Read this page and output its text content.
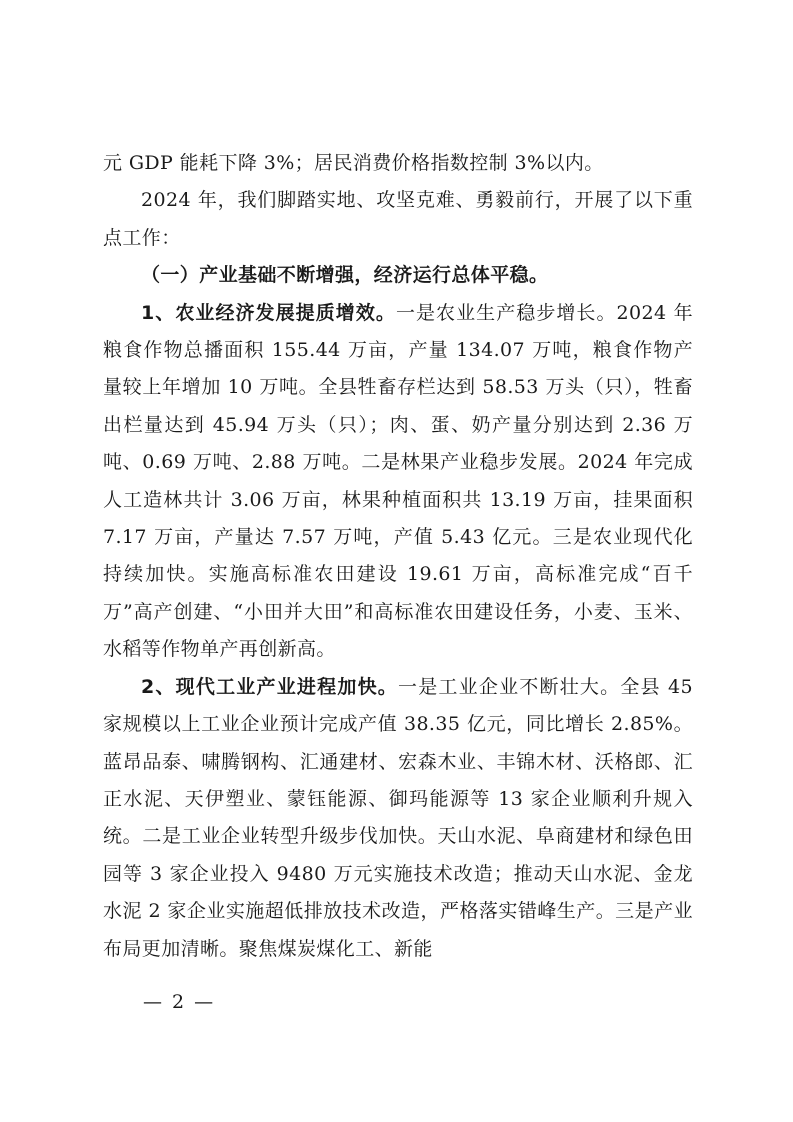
元 GDP 能耗下降 3%；居民消费价格指数控制 3%以内。

2024 年，我们脚踏实地、攻坚克难、勇毅前行，开展了以下重点工作：

（一）产业基础不断增强，经济运行总体平稳。

1、农业经济发展提质增效。一是农业生产稳步增长。2024 年粮食作物总播面积 155.44 万亩，产量 134.07 万吨，粮食作物产量较上年增加 10 万吨。全县牲畜存栏达到 58.53 万头（只），牲畜出栏量达到 45.94 万头（只）；肉、蛋、奶产量分别达到 2.36 万吨、0.69 万吨、2.88 万吨。二是林果产业稳步发展。2024 年完成人工造林共计 3.06 万亩，林果种植面积共 13.19 万亩，挂果面积 7.17 万亩，产量达 7.57 万吨，产值 5.43 亿元。三是农业现代化持续加快。实施高标准农田建设 19.61 万亩，高标准完成“百千万”高产创建、“小田并大田”和高标准农田建设任务，小麦、玉米、水稻等作物单产再创新高。

2、现代工业产业进程加快。一是工业企业不断壮大。全县 45 家规模以上工业企业预计完成产值 38.35 亿元，同比增长 2.85%。蓝昂品泰、啸腾钢构、汇通建材、宏森木业、丰锦木材、沃格郎、汇正水泥、天伊塑业、蒙钰能源、御玛能源等 13 家企业顺利升规入统。二是工业企业转型升级步伐加快。天山水泥、阜商建材和绿色田园等 3 家企业投入 9480 万元实施技术改造；推动天山水泥、金龙水泥 2 家企业实施超低排放技术改造，严格落实错峰生产。三是产业布局更加清晰。聚焦煤炭煤化工、新能

— 2 —
